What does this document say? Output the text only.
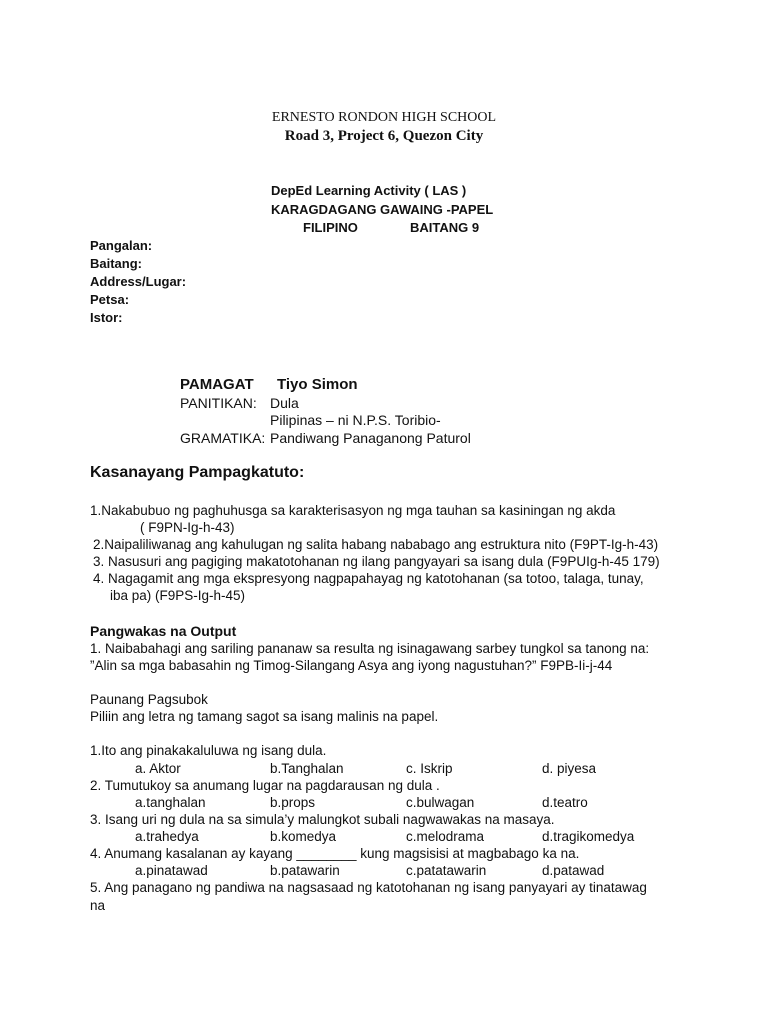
ERNESTO RONDON HIGH SCHOOL
Road 3, Project 6, Quezon City
DepEd Learning Activity ( LAS )
KARAGDAGANG GAWAING -PAPEL
FILIPINO	BAITANG 9
Pangalan:
Baitang:
Address/Lugar:
Petsa:
Istor:
PAMAGAT Tiyo Simon
PANITIKAN: Dula
Pilipinas – ni N.P.S. Toribio-
GRAMATIKA: Pandiwang Panaganong Paturol
Kasanayang Pampagkatuto:
1.Nakabubuo ng paghuhusga sa karakterisasyon ng mga tauhan sa kasiningan ng akda
( F9PN-Ig-h-43)
2.Naipaliliwanag ang kahulugan ng salita habang nababago ang estruktura nito (F9PT-Ig-h-43)
3. Nasusuri ang pagiging makatotohanan ng ilang pangyayari sa isang dula (F9PUIg-h-45 179)
4. Nagagamit ang mga ekspresyong nagpapahayag ng katotohanan (sa totoo, talaga, tunay,
iba pa) (F9PS-Ig-h-45)
Pangwakas na Output
1. Naibabahagi ang sariling pananaw sa resulta ng isinagawang sarbey tungkol sa tanong na:
”Alin sa mga babasahin ng Timog-Silangang Asya ang iyong nagustuhan?” F9PB-Ii-j-44
Paunang Pagsubok
Piliin ang letra ng tamang sagot sa isang malinis na papel.
1.Ito ang pinakakaluluwa ng isang dula.
a. Aktor	b.Tanghalan	c. Iskrip	d. piyesa
2. Tumutukoy sa anumang lugar na pagdarausan ng dula .
a.tanghalan	b.props	c.bulwagan	d.teatro
3. Isang uri ng dula na sa simula’y malungkot subali nagwawakas na masaya.
a.trahedya	b.komedya	c.melodrama	d.tragikomedya
4. Anumang kasalanan ay kayang ________ kung magsisisi at magbabago ka na.
a.pinatawad	b.patawarin	c.patatawarin	d.patawad
5. Ang panagano ng pandiwa na nagsasaad ng katotohanan ng isang panyayari ay tinatawag
na
